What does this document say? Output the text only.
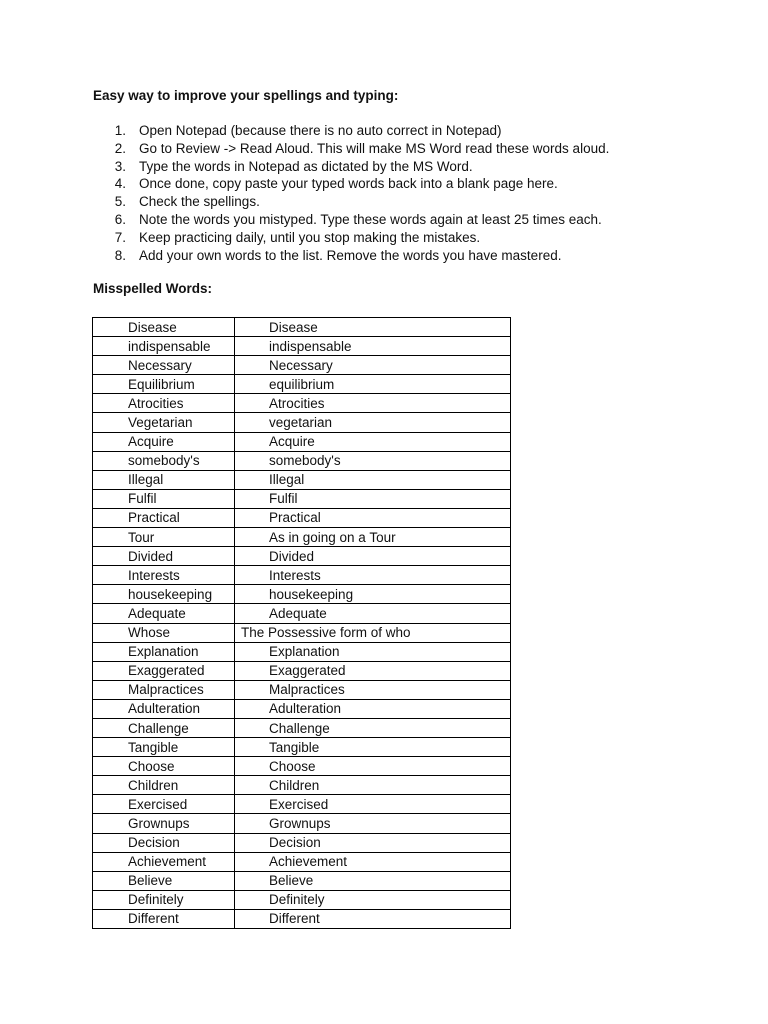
Easy way to improve your spellings and typing:
1. Open Notepad (because there is no auto correct in Notepad)
2. Go to Review -> Read Aloud. This will make MS Word read these words aloud.
3. Type the words in Notepad as dictated by the MS Word.
4. Once done, copy paste your typed words back into a blank page here.
5. Check the spellings.
6. Note the words you mistyped. Type these words again at least 25 times each.
7. Keep practicing daily, until you stop making the mistakes.
8. Add your own words to the list. Remove the words you have mastered.
Misspelled Words:
Disease	Disease
indispensable	indispensable
Necessary	Necessary
Equilibrium	equilibrium
Atrocities	Atrocities
Vegetarian	vegetarian
Acquire	Acquire
somebody's	somebody's
Illegal	Illegal
Fulfil	Fulfil
Practical	Practical
Tour	As in going on a Tour
Divided	Divided
Interests	Interests
housekeeping	housekeeping
Adequate	Adequate
Whose	The Possessive form of who
Explanation	Explanation
Exaggerated	Exaggerated
Malpractices	Malpractices
Adulteration	Adulteration
Challenge	Challenge
Tangible	Tangible
Choose	Choose
Children	Children
Exercised	Exercised
Grownups	Grownups
Decision	Decision
Achievement	Achievement
Believe	Believe
Definitely	Definitely
Different	Different
